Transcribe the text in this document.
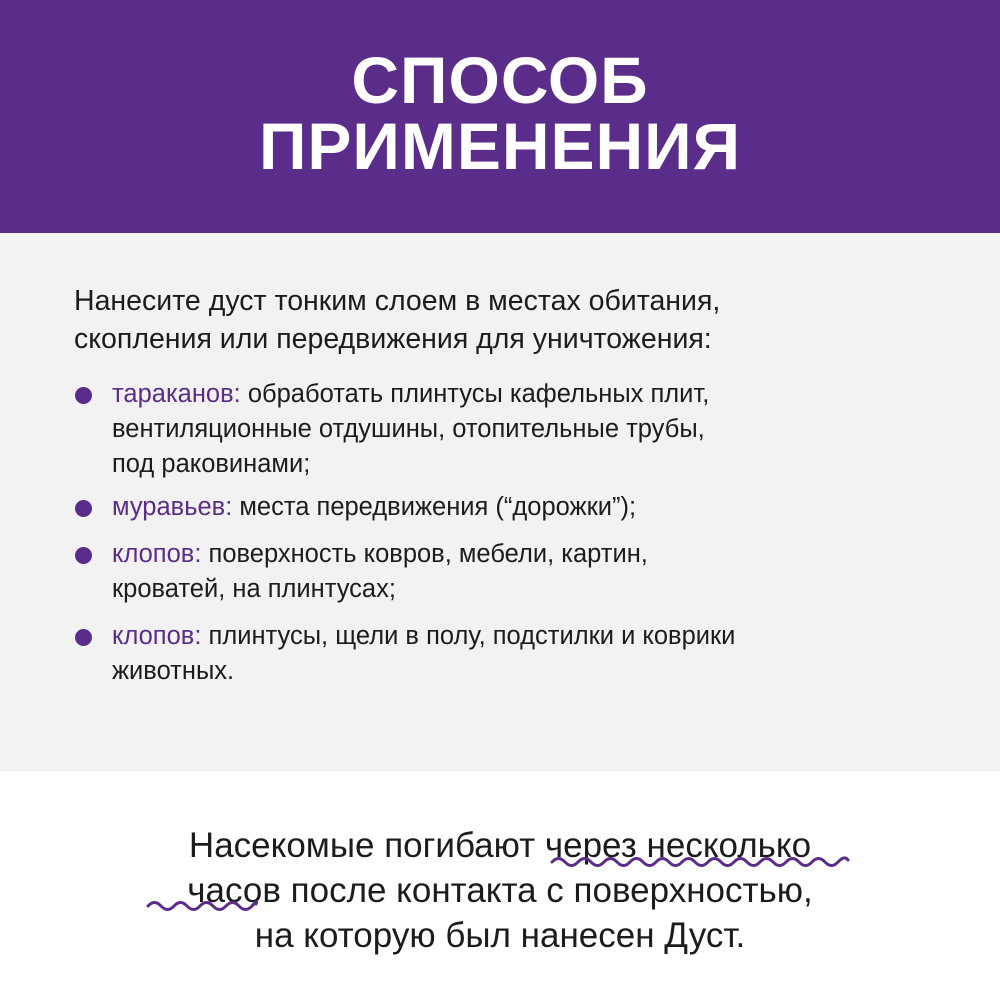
СПОСОБ
ПРИМЕНЕНИЯ

Нанесите дуст тонким слоем в местах обитания,
скопления или передвижения для уничтожения:

тараканов: обработать плинтусы кафельных плит,
вентиляционные отдушины, отопительные трубы,
под раковинами;
муравьев: места передвижения (“дорожки”);
клопов: поверхность ковров, мебели, картин,
кроватей, на плинтусах;
клопов: плинтусы, щели в полу, подстилки и коврики
животных.

Насекомые погибают через несколько
часов после контакта с поверхностью,
на которую был нанесен Дуст.
